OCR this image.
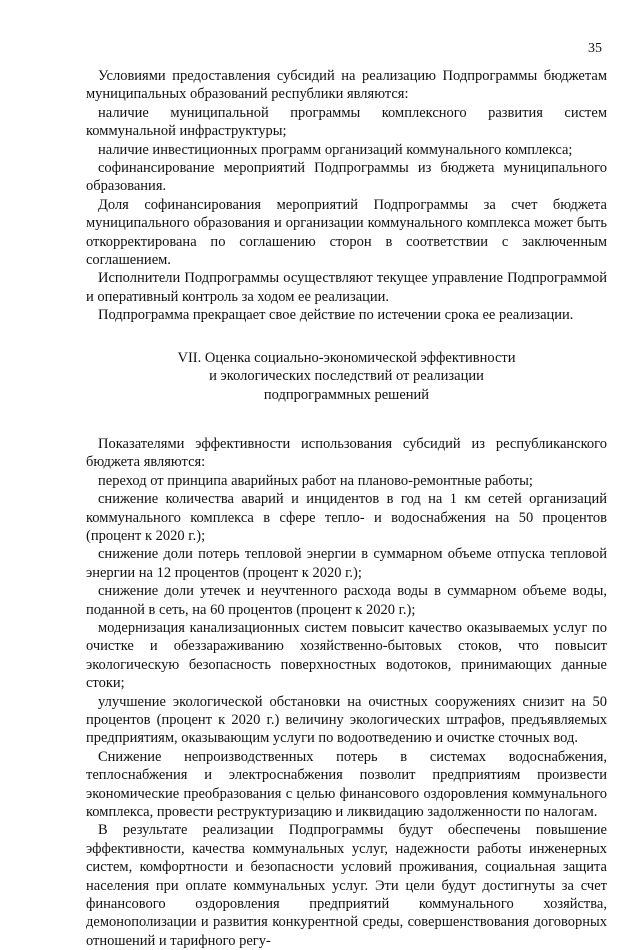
35

Условиями предоставления субсидий на реализацию Подпрограммы бюджетам муниципальных образований республики являются:

наличие муниципальной программы комплексного развития систем коммунальной инфраструктуры;

наличие инвестиционных программ организаций коммунального комплекса;

софинансирование мероприятий Подпрограммы из бюджета муниципального образования.

Доля софинансирования мероприятий Подпрограммы за счет бюджета муниципального образования и организации коммунального комплекса может быть откорректирована по соглашению сторон в соответствии с заключенным соглашением.

Исполнители Подпрограммы осуществляют текущее управление Подпрограммой и оперативный контроль за ходом ее реализации.

Подпрограмма прекращает свое действие по истечении срока ее реализации.

VII. Оценка социально-экономической эффективности
и экологических последствий от реализации
подпрограммных решений

Показателями эффективности использования субсидий из республиканского бюджета являются:

переход от принципа аварийных работ на планово-ремонтные работы;

снижение количества аварий и инцидентов в год на 1 км сетей организаций коммунального комплекса в сфере тепло- и водоснабжения на 50 процентов (процент к 2020 г.);

снижение доли потерь тепловой энергии в суммарном объеме отпуска тепловой энергии на 12 процентов (процент к 2020 г.);

снижение доли утечек и неучтенного расхода воды в суммарном объеме воды, поданной в сеть, на 60 процентов (процент к 2020 г.);

модернизация канализационных систем повысит качество оказываемых услуг по очистке и обеззараживанию хозяйственно-бытовых стоков, что повысит экологическую безопасность поверхностных водотоков, принимающих данные стоки;

улучшение экологической обстановки на очистных сооружениях снизит на 50 процентов (процент к 2020 г.) величину экологических штрафов, предъявляемых предприятиям, оказывающим услуги по водоотведению и очистке сточных вод.

Снижение непроизводственных потерь в системах водоснабжения, теплоснабжения и электроснабжения позволит предприятиям произвести экономические преобразования с целью финансового оздоровления коммунального комплекса, провести реструктуризацию и ликвидацию задолженности по налогам.

В результате реализации Подпрограммы будут обеспечены повышение эффективности, качества коммунальных услуг, надежности работы инженерных систем, комфортности и безопасности условий проживания, социальная защита населения при оплате коммунальных услуг. Эти цели будут достигнуты за счет финансового оздоровления предприятий коммунального хозяйства, демонополизации и развития конкурентной среды, совершенствования договорных отношений и тарифного регу-
